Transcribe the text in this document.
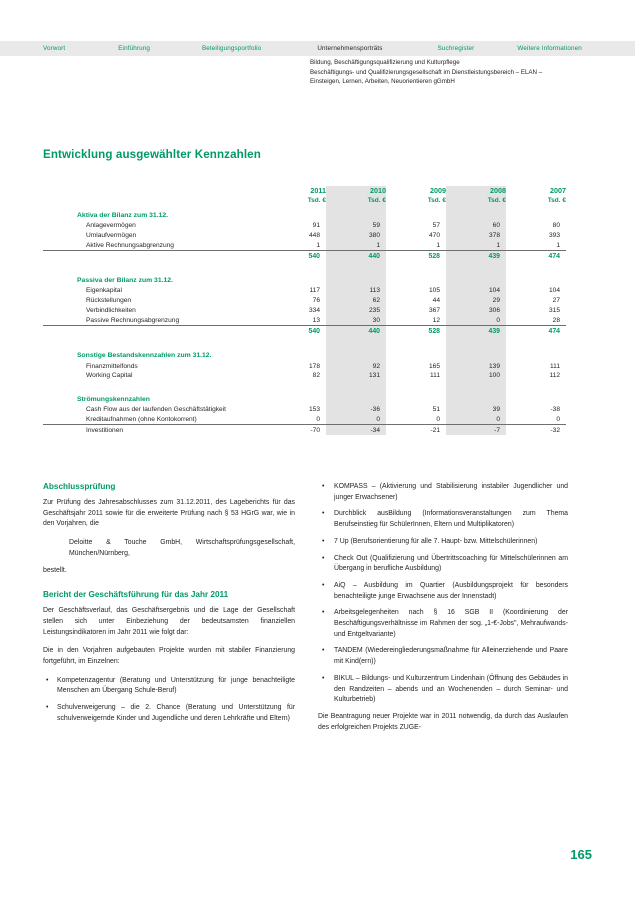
Vorwort	Einführung	Beteiligungsportfolio	Unternehmensporträts	Suchregister	Weitere Informationen
Bildung, Beschäftigungsqualifizierung und Kulturpflege
Beschäftigungs- und Qualifizierungsgesellschaft im Dienstleistungsbereich – ELAN –
Einsteigen, Lernen, Arbeiten, Neuorientieren gGmbH
Entwicklung ausgewählter Kennzahlen
	2011	2010	2009	2008	2007
	Tsd. €	Tsd. €	Tsd. €	Tsd. €	Tsd. €
Aktiva der Bilanz zum 31.12.					
Anlagevermögen	91	59	57	60	80
Umlaufvermögen	448	380	470	378	393
Aktive Rechnungsabgrenzung	1	1	1	1	1
	540	440	528	439	474

Passiva der Bilanz zum 31.12.					
Eigenkapital	117	113	105	104	104
Rückstellungen	76	62	44	29	27
Verbindlichkeiten	334	235	367	306	315
Passive Rechnungsabgrenzung	13	30	12	0	28
	540	440	528	439	474

Sonstige Bestandskennzahlen zum 31.12.					
Finanzmittelfonds	178	92	165	139	111
Working Capital	82	131	111	100	112

Strömungskennzahlen					
Cash Flow aus der laufenden Geschäftstätigkeit	153	-36	51	39	-38
Kreditaufnahmen (ohne Kontokorrent)	0	0	0	0	0
Investitionen	-70	-34	-21	-7	-32
Abschlussprüfung

Zur Prüfung des Jahresabschlusses zum 31.12.2011, des Lageberichts für das Geschäftsjahr 2011 sowie für die erweiterte Prüfung nach § 53 HGrG war, wie in den Vorjahren, die

Deloitte & Touche GmbH, Wirtschaftsprüfungsgesellschaft, München/Nürnberg,

bestellt.

Bericht der Geschäftsführung für das Jahr 2011

Der Geschäftsverlauf, das Geschäftsergebnis und die Lage der Gesellschaft stellen sich unter Einbeziehung der bedeutsamsten finanziellen Leistungsindikatoren im Jahr 2011 wie folgt dar:

Die in den Vorjahren aufgebauten Projekte wurden mit stabiler Finanzierung fortgeführt, im Einzelnen:

• Kompetenzagentur (Beratung und Unterstützung für junge benachteiligte Menschen am Übergang Schule-Beruf)
• Schulverweigerung – die 2. Chance (Beratung und Unterstützung für schulverweigernde Kinder und Jugendliche und deren Lehrkräfte und Eltern)
• KOMPASS – (Aktivierung und Stabilisierung instabiler Jugendlicher und junger Erwachsener)
• Durchblick ausBildung (Informationsveranstaltungen zum Thema Berufseinstieg für SchülerInnen, Eltern und Multiplikatoren)
• 7 Up (Berufsorientierung für alle 7. Haupt- bzw. Mittelschülerinnen)
• Check Out (Qualifizierung und Übertrittscoaching für Mittelschülerinnen am Übergang in berufliche Ausbildung)
• AiQ – Ausbildung im Quartier (Ausbildungsprojekt für besonders benachteiligte junge Erwachsene aus der Innenstadt)
• Arbeitsgelegenheiten nach § 16 SGB II (Koordinierung der Beschäftigungsverhältnisse im Rahmen der sog. „1-€-Jobs", Mehraufwands- und Entgeltvariante)
• TANDEM (Wiedereingliederungsmaßnahme für Alleinerziehende und Paare mit Kind(ern))
• BIKUL – Bildungs- und Kulturzentrum Lindenhain (Öffnung des Gebäudes in den Randzeiten – abends und an Wochenenden – durch Seminar- und Kulturbetrieb)

Die Beantragung neuer Projekte war in 2011 notwendig, da durch das Auslaufen des erfolgreichen Projekts ZUGE-

165
